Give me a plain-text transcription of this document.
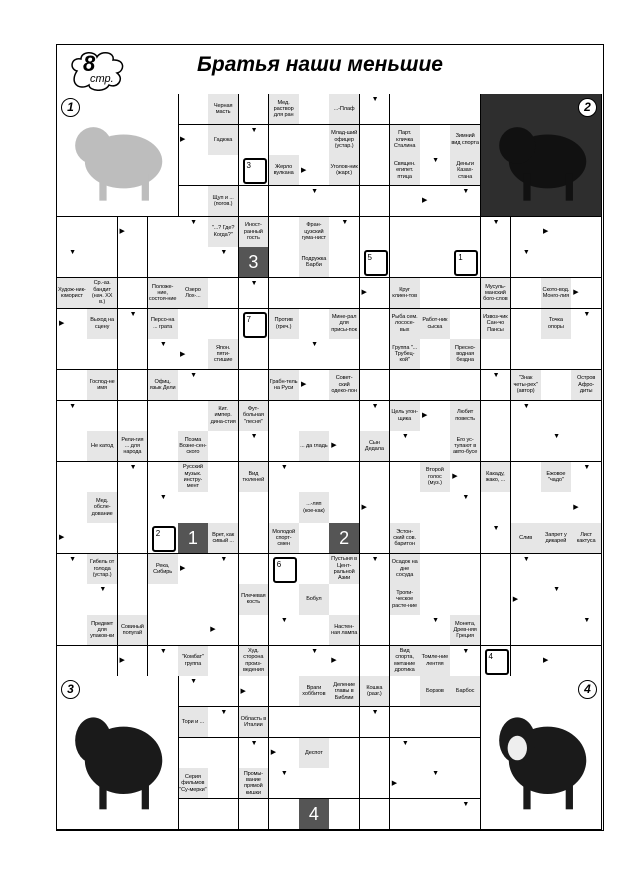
8
стр.
Братья наши меньшие
Черная масть
Мед. раствор для ран
...-Плаф
▼
▶	Гадюка
▼	Млад-ший офицер (устар.)
Парт. кличка Сталина
Зимний вид спорта
3	Жерло вулкана	▶	Уголов-ник (жарг.)
Священ. египет. птица
▼	Деньги Казах-стана
Щуп и ... (погов.)
▼
▶
▼
▶
▼
"...? Где? Когда?"
Иност-ранный гость
Фран-цузский гума-нист
▼	▼
▶
▼	▼	3	Подружка Барби
5	1
▼
Худож-ник-юморист
Ср.-аз. бандит (нач. XX в.)
Положе-ние, состоя-ние
Озеро Лох-...
▼
▶	Круг клиен-тов
Мусуль-манский бого-слов
Ското-вод. Монго-лия ▶
▶	Выход на сцену
▼
Персо-на ... грата
7	Против (греч.)
Мине-рал для присы-пок
Рыба сем. лососе-вых
Работ-ник сыска
Извоз-чик Сан-чо Пансы
Точка опоры
▼
▼
▶
Япон. пяти-стишие
▼	Группа "... Трубец-кой"
Пресно-водная бездна
Господ-не имя
Офиц. язык Дели
▼
Грабн-тель на Руси	▶
Совет-ский одеко-лон
▼	"Знак четы-рех" (автор)
Остров Афро-диты
▼	Кит. импер. дина-стия
Фут-больная "песня"
▼
Цель угон-щика	▶	Любит повесть
▼
Не катод
Рели-гия ... для народа
Поэма Возне-сен-ского
▼
... да гладь ▶	Сын Дедала
▼	Его ус-тупают в авто-бусе
▼
▼	Русский музык. инстру-мент
Вид тюленей
▼	Второй голос (муз.)
▶	Какаду, жако, ...
Ежовое "чадо"
▼
Мед. обсле-дование
▼
...-ляп (кое-как)	▶
▼
▶
▶	2	1	Врет, как сивый ...
Молодой спорт-смен	2	Эстон-ский сов. баритон
▼
Слив
Запрет у дикарей
Лист кактуса
▼	Гибель от голода (устар.)
Река, Сибирь	▶
▼
6
Пустыня в Цент-ральной Азии
▼	Осадок на дне сосуда
▼
▼
Плечевая кость
Бобул
Тропи-ческое расте-ние
▶
▼
Предмет для упаков-ки
Совиный попугай	▶
▼
Настен-ная лампа
▼	Монета, Древ-няя Греция
▼
▶
▼
"Комбат" группа
Худ. сторона произ-ведения
▼
▶
Вид спорта, метание дротика
Томле-ние лентяя
▼
4	▶
▼
▶	Враги хоббитов
Деление главы в Библии
Кошка (разг.)
Борзов	Барбос
Тори и ...
▼
Область в Италии
▼
▼
▶	Деспот
▼
Серия фильмов "Су-мерки"
Промы-вание прямой кишки
▼
▶
▼
4	▼
1	2
3	4
